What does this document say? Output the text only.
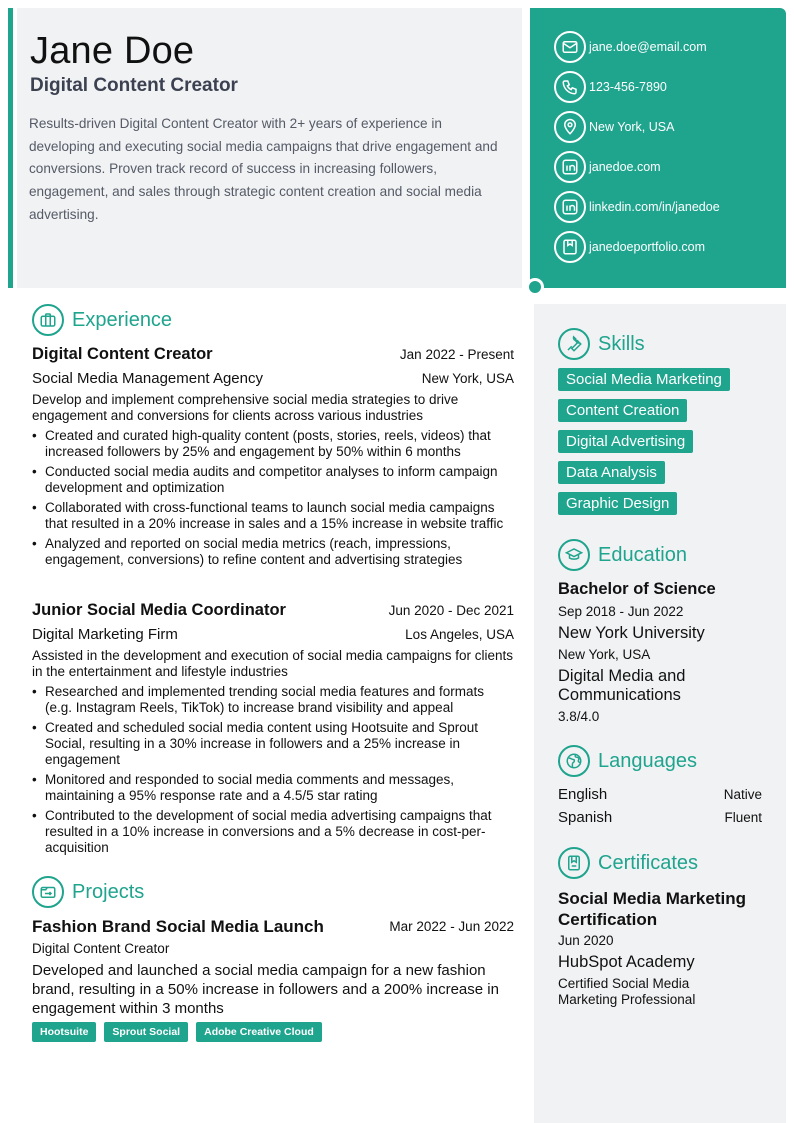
Jane Doe
Digital Content Creator
Results-driven Digital Content Creator with 2+ years of experience in developing and executing social media campaigns that drive engagement and conversions. Proven track record of success in increasing followers, engagement, and sales through strategic content creation and social media advertising.
jane.doe@email.com
123-456-7890
New York, USA
janedoe.com
linkedin.com/in/janedoe
janedoeportfolio.com
Experience
Digital Content Creator	Jan 2022 - Present
Social Media Management Agency	New York, USA
Develop and implement comprehensive social media strategies to drive engagement and conversions for clients across various industries
• Created and curated high-quality content (posts, stories, reels, videos) that increased followers by 25% and engagement by 50% within 6 months
• Conducted social media audits and competitor analyses to inform campaign development and optimization
• Collaborated with cross-functional teams to launch social media campaigns that resulted in a 20% increase in sales and a 15% increase in website traffic
• Analyzed and reported on social media metrics (reach, impressions, engagement, conversions) to refine content and advertising strategies
Junior Social Media Coordinator	Jun 2020 - Dec 2021
Digital Marketing Firm	Los Angeles, USA
Assisted in the development and execution of social media campaigns for clients in the entertainment and lifestyle industries
• Researched and implemented trending social media features and formats (e.g. Instagram Reels, TikTok) to increase brand visibility and appeal
• Created and scheduled social media content using Hootsuite and Sprout Social, resulting in a 30% increase in followers and a 25% increase in engagement
• Monitored and responded to social media comments and messages, maintaining a 95% response rate and a 4.5/5 star rating
• Contributed to the development of social media advertising campaigns that resulted in a 10% increase in conversions and a 5% decrease in cost-per-acquisition
Projects
Fashion Brand Social Media Launch	Mar 2022 - Jun 2022
Digital Content Creator
Developed and launched a social media campaign for a new fashion brand, resulting in a 50% increase in followers and a 200% increase in engagement within 3 months
Hootsuite	Sprout Social	Adobe Creative Cloud
Skills
Social Media Marketing
Content Creation
Digital Advertising
Data Analysis
Graphic Design
Education
Bachelor of Science
Sep 2018 - Jun 2022
New York University
New York, USA
Digital Media and Communications
3.8/4.0
Languages
English	Native
Spanish	Fluent
Certificates
Social Media Marketing Certification
Jun 2020
HubSpot Academy
Certified Social Media Marketing Professional
